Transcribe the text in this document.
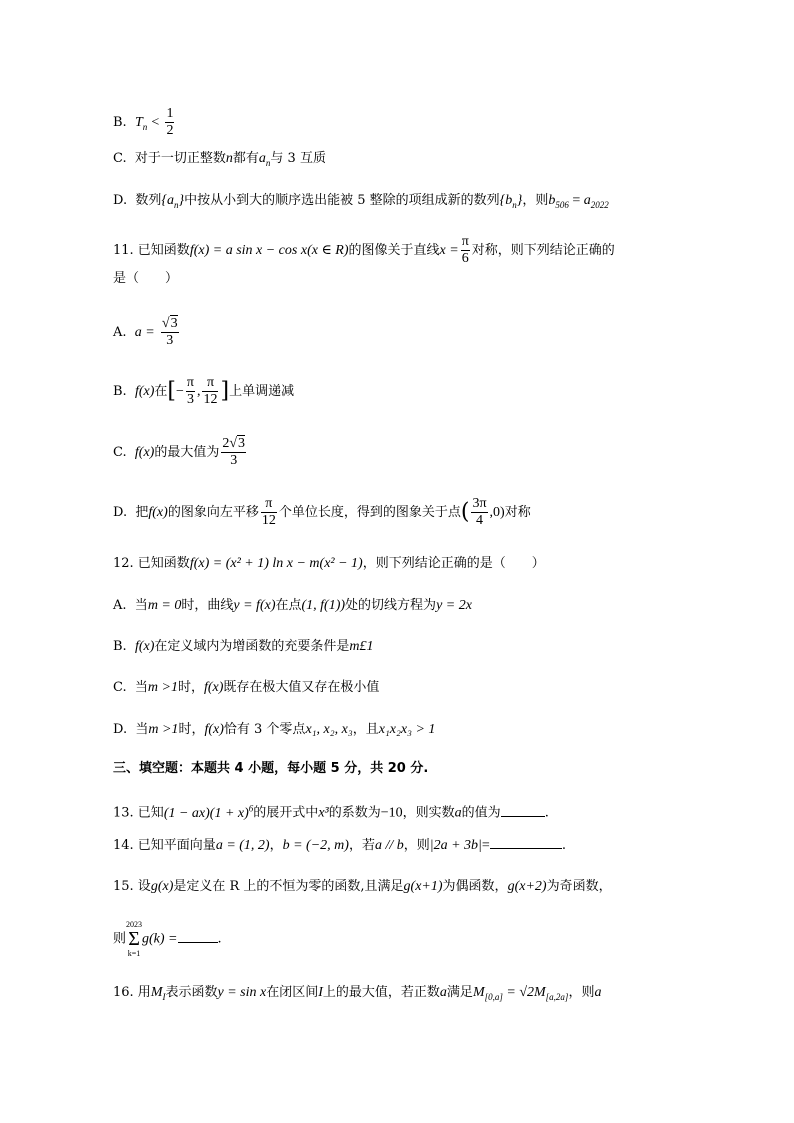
B. $T_n < \frac{1}{2}$
C. 对于一切正整数n都有$a_n$与 3 互质
D. 数列$\{a_n\}$中按从小到大的顺序选出能被 5 整除的项组成新的数列$\{b_n\}$，则$b_{506} = a_{2022}$
11. 已知函数f(x) = a sin x − cos x(x ∈ R)的图像关于直线$x = \frac{\pi}{6}$ 对称，则下列结论正确的
是（　　）
A. $a = \frac{√3}{3}$
B. f(x)在[− $\frac{\pi}{3}$ , $\frac{\pi}{12}$ ]上单调递减
C. f(x)的最大值为 $\frac{2√3}{3}$
D. 把f(x)的图象向左平移 $\frac{\pi}{12}$ 个单位长度，得到的图象关于点( $\frac{3\pi}{4} ,0$)对称
12. 已知函数f(x) = (x² + 1) ln x − m(x² − 1)，则下列结论正确的是（　　）
A. 当m = 0时，曲线y = f(x)在点(1, f(1))处的切线方程为y = 2x
B. f(x)在定义域内为增函数的充要条件是m£1
C. 当m >1时，f(x)既存在极大值又存在极小值
D. 当m >1时，f(x)恰有 3 个零点x₁, x₂, x₃，且x₁x₂x₃ > 1
三、填空题：本题共 4 小题，每小题 5 分，共 20 分.
13. 已知$(1 - ax)(1 + x)^6$的展开式中x³的系数为−10，则实数a的值为	.
14. 已知平面向量a = (1, 2)，b = (−2, m)，若a // b，则|2a + 3b|=	.
15. 设g(x)是定义在 R 上的不恒为零的函数,且满足g(x+1)为偶函数，g(x+2)为奇函数，
则
2023
Σ
k=1
g(k) =	.
16. 用$M_I$表示函数y = sin x在闭区间I上的最大值，若正数a满足$M_{[0,a]} = √2M_{[a,2a]}$，则a
